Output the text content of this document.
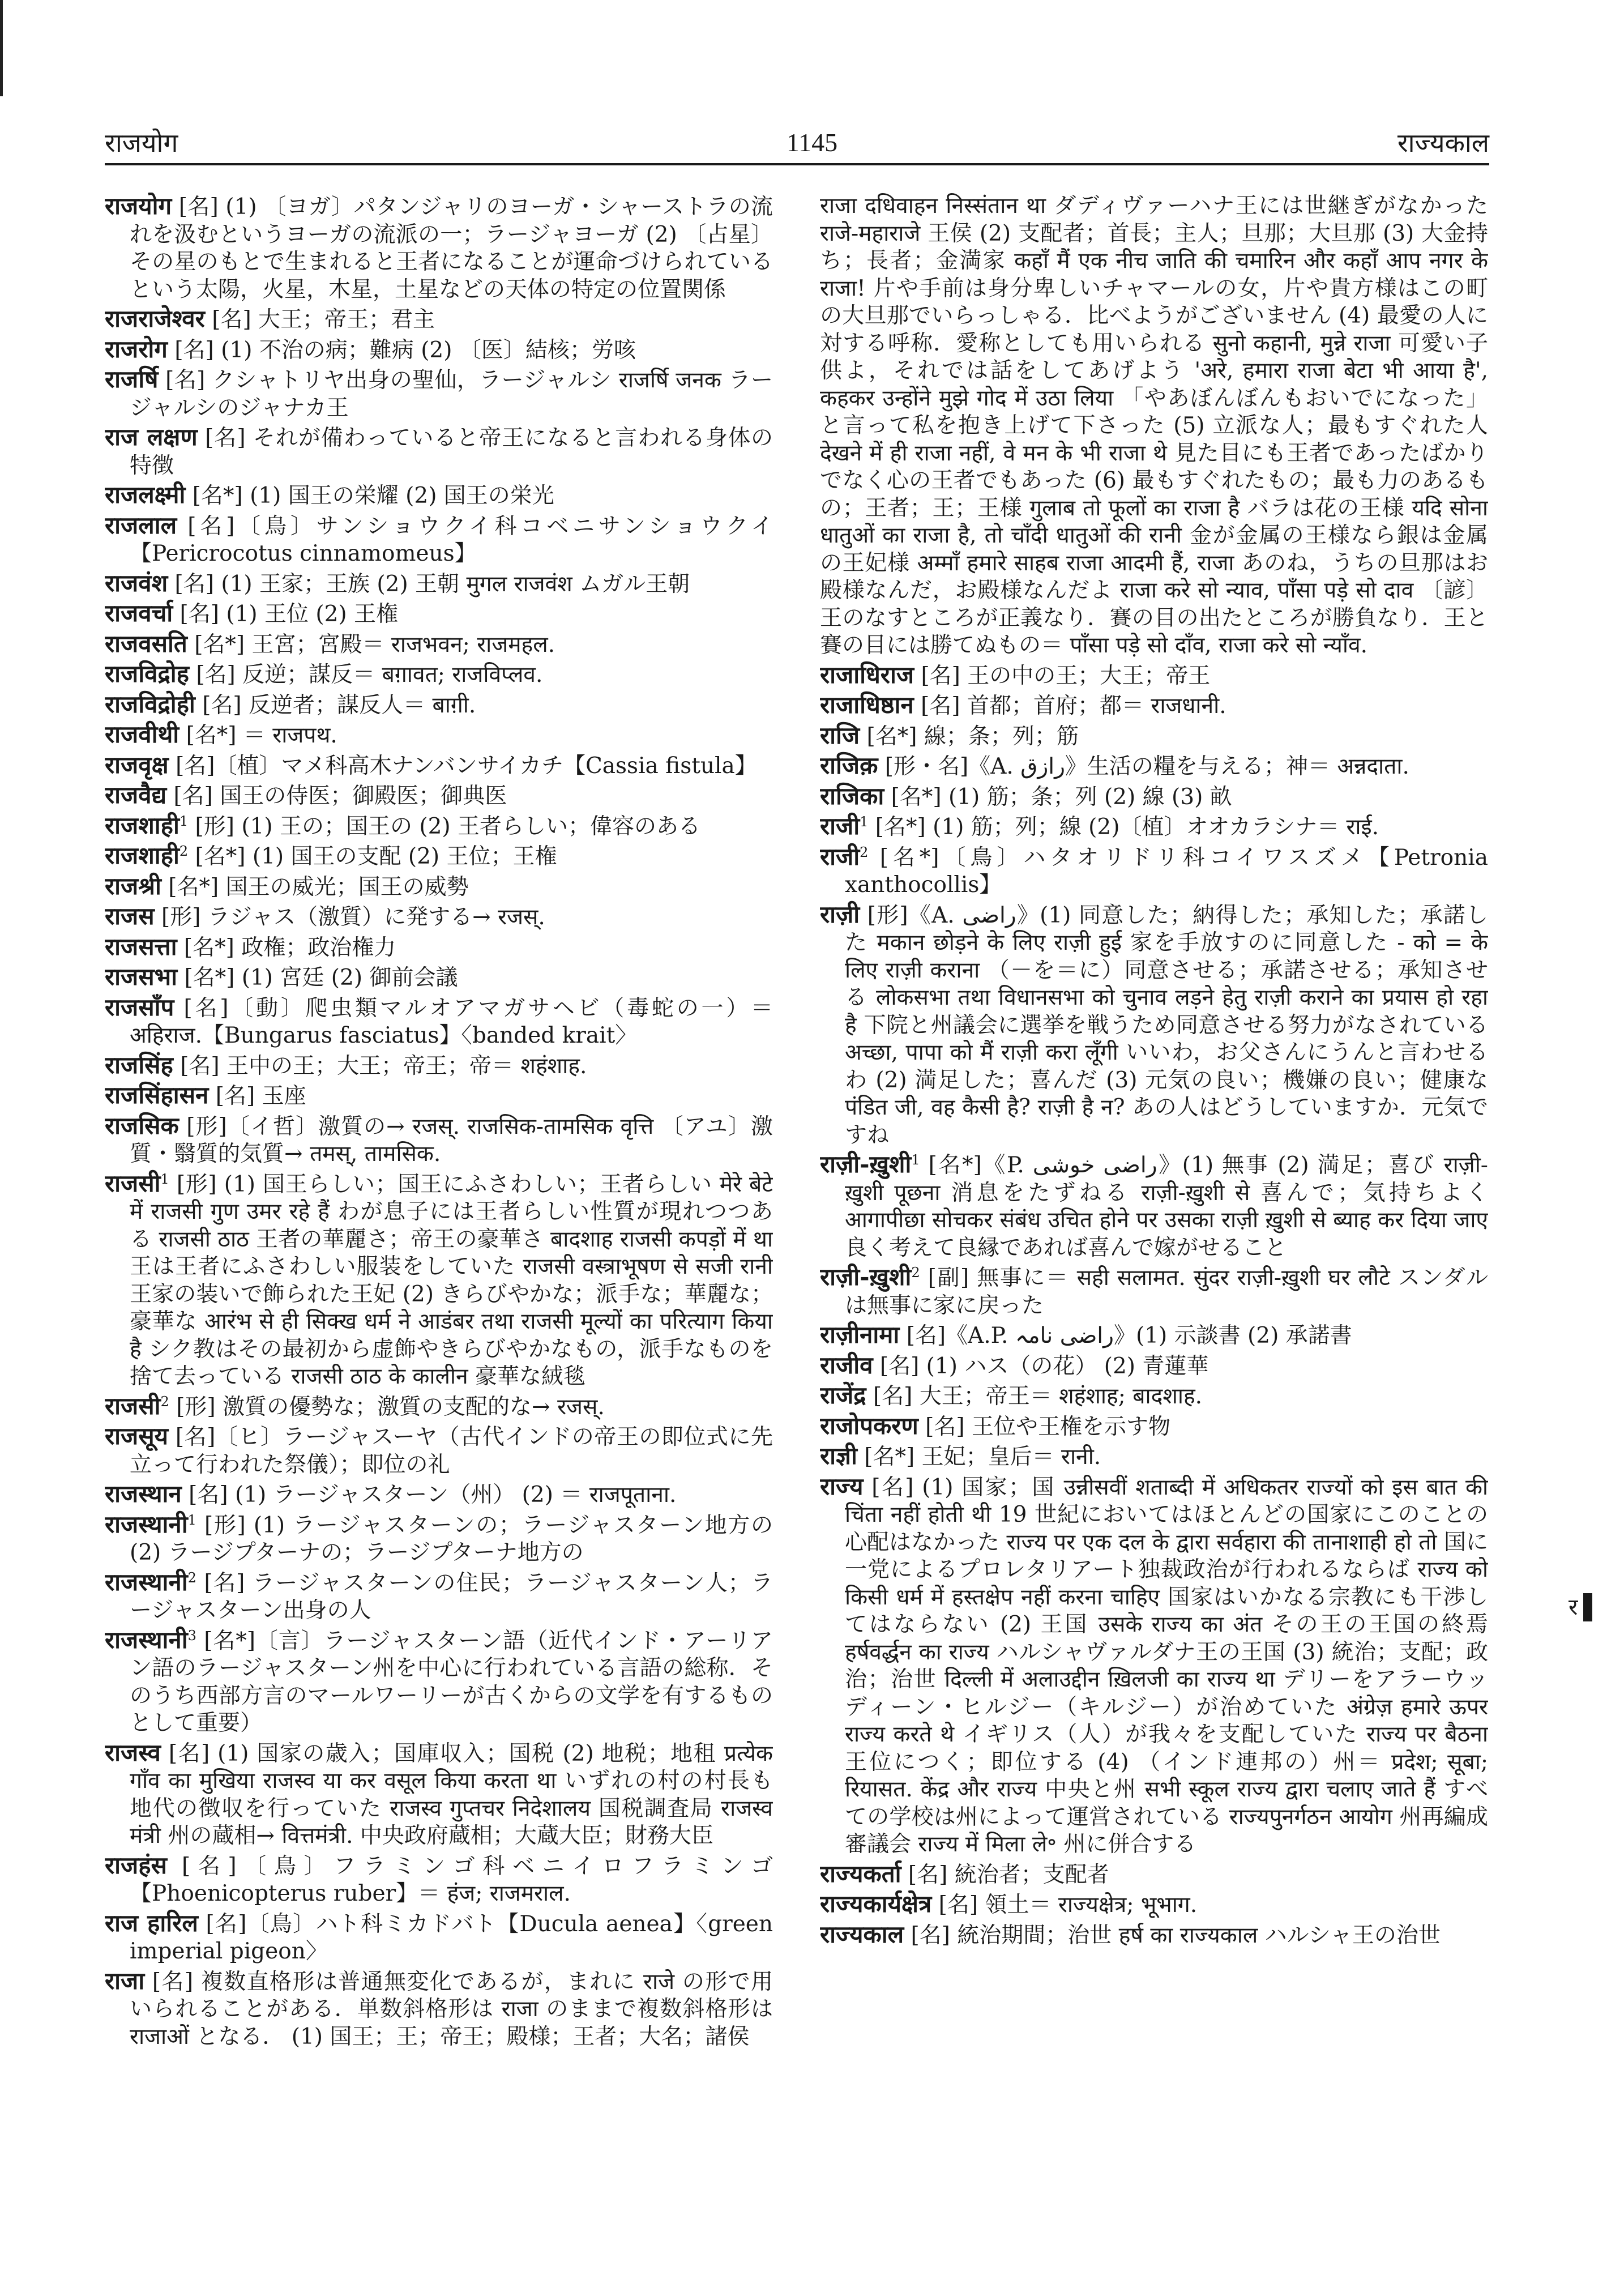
राजयोग	1145	राज्यकाल

राजयोग [名] (1) 〔ヨガ〕パタンジャリのヨーガ・シャーストラの流れを汲むというヨーガの流派の一；ラージャヨーガ (2) 〔占星〕その星のもとで生まれると王者になることが運命づけられているという太陽，火星，木星，土星などの天体の特定の位置関係

राजराजेश्वर [名] 大王；帝王；君主

राजरोग [名] (1) 不治の病；難病 (2) 〔医〕結核；労咳

राजर्षि [名] クシャトリヤ出身の聖仙，ラージャルシ राजर्षि जनक ラージャルシのジャナカ王

राज लक्षण [名] それが備わっていると帝王になると言われる身体の特徴

राजलक्ष्मी [名*] (1) 国王の栄耀 (2) 国王の栄光

राजलाल [名]〔鳥〕サンショウクイ科コベニサンショウクイ【Pericrocotus cinnamomeus】

राजवंश [名] (1) 王家；王族 (2) 王朝 मुगल राजवंश ムガル王朝

राजवर्चा [名] (1) 王位 (2) 王権

राजवसति [名*] 王宮；宮殿＝ राजभवन; राजमहल.

राजविद्रोह [名] 反逆；謀反＝ बग़ावत; राजविप्लव.

राजविद्रोही [名] 反逆者；謀反人＝ बाग़ी.

राजवीथी [名*] ＝ राजपथ.

राजवृक्ष [名]〔植〕マメ科高木ナンバンサイカチ【Cassia fistula】

राजवैद्य [名] 国王の侍医；御殿医；御典医

राजशाही$^1$ [形] (1) 王の；国王の (2) 王者らしい；偉容のある

राजशाही$^2$ [名*] (1) 国王の支配 (2) 王位；王権

राजश्री [名*] 国王の威光；国王の威勢

राजस [形] ラジャス（激質）に発する→ रजस्.

राजसत्ता [名*] 政権；政治権力

राजसभा [名*] (1) 宮廷 (2) 御前会議

राजसाँप [名]〔動〕爬虫類マルオアマガサヘビ（毒蛇の一）＝ अहिराज.【Bungarus fasciatus】〈banded krait〉

राजसिंह [名] 王中の王；大王；帝王；帝＝ शहंशाह.

राजसिंहासन [名] 玉座

राजसिक [形]〔イ哲〕激質の→ रजस्. राजसिक-तामसिक वृत्ति 〔アユ〕激質・翳質的気質→ तमस्, तामसिक.

राजसी$^1$ [形] (1) 国王らしい；国王にふさわしい；王者らしい मेरे बेटे में राजसी गुण उमर रहे हैं わが息子には王者らしい性質が現れつつある राजसी ठाठ 王者の華麗さ；帝王の豪華さ बादशाह राजसी कपड़ों में था 王は王者にふさわしい服装をしていた राजसी वस्त्राभूषण से सजी रानी 王家の装いで飾られた王妃 (2) きらびやかな；派手な；華麗な；豪華な आरंभ से ही सिक्ख धर्म ने आडंबर तथा राजसी मूल्यों का परित्याग किया है シク教はその最初から虚飾やきらびやかなもの，派手なものを捨て去っている राजसी ठाठ के कालीन 豪華な絨毯

राजसी$^2$ [形] 激質の優勢な；激質の支配的な→ रजस्.

राजसूय [名]〔ヒ〕ラージャスーヤ（古代インドの帝王の即位式に先立って行われた祭儀）；即位の礼

राजस्थान [名] (1) ラージャスターン（州） (2) ＝ राजपूताना.

राजस्थानी$^1$ [形] (1) ラージャスターンの；ラージャスターン地方の (2) ラージプターナの；ラージプターナ地方の

राजस्थानी$^2$ [名] ラージャスターンの住民；ラージャスターン人；ラージャスターン出身の人

राजस्थानी$^3$ [名*]〔言〕ラージャスターン語（近代インド・アーリアン語のラージャスターン州を中心に行われている言語の総称．そのうち西部方言のマールワーリーが古くからの文学を有するものとして重要）

राजस्व [名] (1) 国家の歳入；国庫収入；国税 (2) 地税；地租 प्रत्येक गाँव का मुखिया राजस्व या कर वसूल किया करता था いずれの村の村長も地代の徴収を行っていた राजस्व गुप्तचर निदेशालय 国税調査局 राजस्व मंत्री 州の蔵相→ वित्तमंत्री. 中央政府蔵相；大蔵大臣；財務大臣

राजहंस [名]〔鳥〕フラミンゴ科ベニイロフラミンゴ【Phoenicopterus ruber】＝ हंज; राजमराल.

राज हारिल [名]〔鳥〕ハト科ミカドバト【Ducula aenea】〈green imperial pigeon〉

राजा [名] 複数直格形は普通無変化であるが，まれに राजे の形で用いられることがある．単数斜格形は राजा のままで複数斜格形は राजाओं となる． (1) 国王；王；帝王；殿様；王者；大名；諸侯

राजा दधिवाहन निस्संतान था ダディヴァーハナ王には世継ぎがなかった राजे-महाराजे 王侯 (2) 支配者；首長；主人；旦那；大旦那 (3) 大金持ち；長者；金満家 कहाँ मैं एक नीच जाति की चमारिन और कहाँ आप नगर के राजा! 片や手前は身分卑しいチャマールの女，片や貴方様はこの町の大旦那でいらっしゃる．比べようがございません (4) 最愛の人に対する呼称．愛称としても用いられる सुनो कहानी, मुन्ने राजा 可愛い子供よ，それでは話をしてあげよう 'अरे, हमारा राजा बेटा भी आया है', कहकर उन्होंने मुझे गोद में उठा लिया 「やあぼんぼんもおいでになった」と言って私を抱き上げて下さった (5) 立派な人；最もすぐれた人 देखने में ही राजा नहीं, वे मन के भी राजा थे 見た目にも王者であったばかりでなく心の王者でもあった (6) 最もすぐれたもの；最も力のあるもの；王者；王；王様 गुलाब तो फूलों का राजा है バラは花の王様 यदि सोना धातुओं का राजा है, तो चाँदी धातुओं की रानी 金が金属の王様なら銀は金属の王妃様 अम्माँ हमारे साहब राजा आदमी हैं, राजा あのね，うちの旦那はお殿様なんだ，お殿様なんだよ राजा करे सो न्याव, पाँसा पड़े सो दाव 〔諺〕王のなすところが正義なり．賽の目の出たところが勝負なり．王と賽の目には勝てぬもの＝ पाँसा पड़े सो दाँव, राजा करे सो न्याँव.

राजाधिराज [名] 王の中の王；大王；帝王

राजाधिष्ठान [名] 首都；首府；都＝ राजधानी.

राजि [名*] 線；条；列；筋

राजिक़ [形・名]《A. رازق》生活の糧を与える；神＝ अन्नदाता.

राजिका [名*] (1) 筋；条；列 (2) 線 (3) 畝

राजी$^1$ [名*] (1) 筋；列；線 (2)〔植〕オオカラシナ＝ राई.

राजी$^2$ [名*]〔鳥〕ハタオリドリ科コイワスズメ【Petronia xanthocollis】

राज़ी [形]《A. راضی》(1) 同意した；納得した；承知した；承諾した मकान छोड़ने के लिए राज़ी हुई 家を手放すのに同意した - को = के लिए राज़ी कराना （－を＝に）同意させる；承諾させる；承知させる लोकसभा तथा विधानसभा को चुनाव लड़ने हेतु राज़ी कराने का प्रयास हो रहा है 下院と州議会に選挙を戦うため同意させる努力がなされている अच्छा, पापा को मैं राज़ी करा लूँगी いいわ，お父さんにうんと言わせるわ (2) 満足した；喜んだ (3) 元気の良い；機嫌の良い；健康な पंडित जी, वह कैसी है? राज़ी है न? あの人はどうしていますか．元気ですね

राज़ी-ख़ुशी$^1$ [名*]《P. راضی خوشی》(1) 無事 (2) 満足；喜び राज़ी-ख़ुशी पूछना 消息をたずねる राज़ी-ख़ुशी से 喜んで；気持ちよく आगापीछा सोचकर संबंध उचित होने पर उसका राज़ी ख़ुशी से ब्याह कर दिया जाए 良く考えて良縁であれば喜んで嫁がせること

राज़ी-ख़ुशी$^2$ [副] 無事に＝ सही सलामत. सुंदर राज़ी-ख़ुशी घर लौटे スンダルは無事に家に戻った

राज़ीनामा [名]《A.P. راضی نامہ》(1) 示談書 (2) 承諾書

राजीव [名] (1) ハス（の花） (2) 青蓮華

राजेंद्र [名] 大王；帝王＝ शहंशाह; बादशाह.

राजोपकरण [名] 王位や王権を示す物

राज्ञी [名*] 王妃；皇后＝ रानी.

राज्य [名] (1) 国家；国 उन्नीसवीं शताब्दी में अधिकतर राज्यों को इस बात की चिंता नहीं होती थी 19 世紀においてはほとんどの国家にこのことの心配はなかった राज्य पर एक दल के द्वारा सर्वहारा की तानाशाही हो तो 国に一党によるプロレタリアート独裁政治が行われるならば राज्य को किसी धर्म में हस्तक्षेप नहीं करना चाहिए 国家はいかなる宗教にも干渉してはならない (2) 王国 उसके राज्य का अंत その王の王国の終焉 हर्षवर्द्धन का राज्य ハルシャヴァルダナ王の王国 (3) 統治；支配；政治；治世 दिल्ली में अलाउद्दीन ख़िलजी का राज्य था デリーをアラーウッディーン・ヒルジー（キルジー）が治めていた अंग्रेज़ हमारे ऊपर राज्य करते थे イギリス（人）が我々を支配していた राज्य पर बैठना 王位につく；即位する (4) （インド連邦の）州＝ प्रदेश; सूबा; रियासत. केंद्र और राज्य 中央と州 सभी स्कूल राज्य द्वारा चलाए जाते हैं すべての学校は州によって運営されている राज्यपुनर्गठन आयोग 州再編成審議会 राज्य में मिला ले॰ 州に併合する

राज्यकर्ता [名] 統治者；支配者

राज्यकार्यक्षेत्र [名] 領土＝ राज्यक्षेत्र; भूभाग.

राज्यकाल [名] 統治期間；治世 हर्ष का राज्यकाल ハルシャ王の治世

र
